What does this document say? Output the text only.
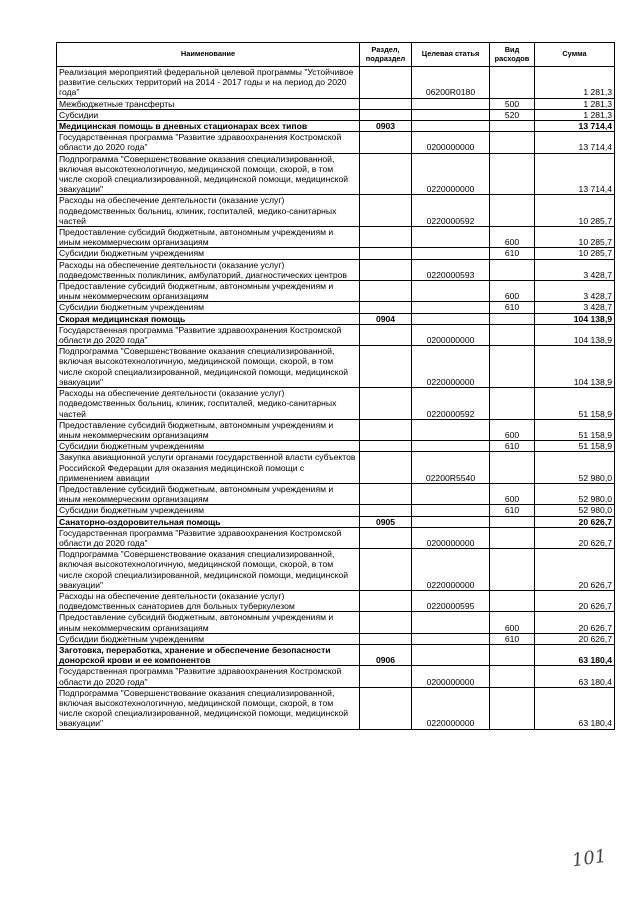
Наименование	Раздел, подраздел	Целевая статья	Вид расходов	Сумма
Реализация мероприятий федеральной целевой программы "Устойчивое развитие сельских территорий на 2014 - 2017 годы и на период до 2020 года"		06200R0180		1 281,3
Межбюджетные трансферты			500	1 281,3
Субсидии			520	1 281,3
Медицинская помощь в дневных стационарах всех типов	0903			13 714,4
Государственная программа "Развитие здравоохранения Костромской области до 2020 года"		0200000000		13 714,4
Подпрограмма "Совершенствование оказания специализированной, включая высокотехнологичную, медицинской помощи, скорой, в том числе скорой специализированной, медицинской помощи, медицинской эвакуации"		0220000000		13 714,4
Расходы на обеспечение деятельности (оказание услуг) подведомственных больниц, клиник, госпиталей, медико-санитарных частей		0220000592		10 285,7
Предоставление субсидий бюджетным, автономным учреждениям и иным некоммерческим организациям			600	10 285,7
Субсидии бюджетным учреждениям			610	10 285,7
Расходы на обеспечение деятельности (оказание услуг) подведомственных поликлиник, амбулаторий, диагностических центров		0220000593		3 428,7
Предоставление субсидий бюджетным, автономным учреждениям и иным некоммерческим организациям			600	3 428,7
Субсидии бюджетным учреждениям			610	3 428,7
Скорая медицинская помощь	0904			104 138,9
Государственная программа "Развитие здравоохранения Костромской области до 2020 года"		0200000000		104 138,9
Подпрограмма "Совершенствование оказания специализированной, включая высокотехнологичную, медицинской помощи, скорой, в том числе скорой специализированной, медицинской помощи, медицинской эвакуации"		0220000000		104 138,9
Расходы на обеспечение деятельности (оказание услуг) подведомственных больниц, клиник, госпиталей, медико-санитарных частей		0220000592		51 158,9
Предоставление субсидий бюджетным, автономным учреждениям и иным некоммерческим организациям			600	51 158,9
Субсидии бюджетным учреждениям			610	51 158,9
Закупка авиационной услуги органами государственной власти субъектов Российской Федерации для оказания медицинской помощи с применением авиации		02200R5540		52 980,0
Предоставление субсидий бюджетным, автономным учреждениям и иным некоммерческим организациям			600	52 980,0
Субсидии бюджетным учреждениям			610	52 980,0
Санаторно-оздоровительная помощь	0905			20 626,7
Государственная программа "Развитие здравоохранения Костромской области до 2020 года"		0200000000		20 626,7
Подпрограмма "Совершенствование оказания специализированной, включая высокотехнологичную, медицинской помощи, скорой, в том числе скорой специализированной, медицинской помощи, медицинской эвакуации"		0220000000		20 626,7
Расходы на обеспечение деятельности (оказание услуг) подведомственных санаториев для больных туберкулезом		0220000595		20 626,7
Предоставление субсидий бюджетным, автономным учреждениям и иным некоммерческим организациям			600	20 626,7
Субсидии бюджетным учреждениям			610	20 626,7
Заготовка, переработка, хранение и обеспечение безопасности донорской крови и ее компонентов	0906			63 180,4
Государственная программа "Развитие здравоохранения Костромской области до 2020 года"		0200000000		63 180,4
Подпрограмма "Совершенствование оказания специализированной, включая высокотехнологичную, медицинской помощи, скорой, в том числе скорой специализированной, медицинской помощи, медицинской эвакуации"		0220000000		63 180,4
101
